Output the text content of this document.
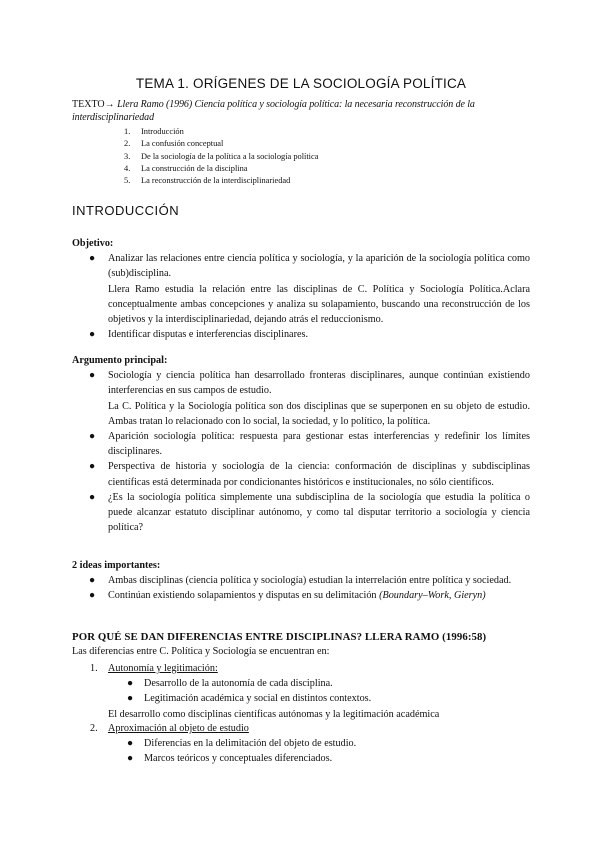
TEMA 1. ORÍGENES DE LA SOCIOLOGÍA POLÍTICA
TEXTO→ Llera Ramo (1996) Ciencia política y sociología política: la necesaria reconstrucción de la interdisciplinariedad
1.	Introducción
2.	La confusión conceptual
3.	De la sociología de la política a la sociología política
4.	La construcción de la disciplina
5.	La reconstrucción de la interdisciplinariedad
INTRODUCCIÓN
Objetivo:
● Analizar las relaciones entre ciencia política y sociología, y la aparición de la sociología política como (sub)disciplina.
Llera Ramo estudia la relación entre las disciplinas de C. Política y Sociología Política.Aclara conceptualmente ambas concepciones y analiza su solapamiento, buscando una reconstrucción de los objetivos y la interdisciplinariedad, dejando atrás el reduccionismo.
● Identificar disputas e interferencias disciplinares.
Argumento principal:
● Sociología y ciencia política han desarrollado fronteras disciplinares, aunque continúan existiendo interferencias en sus campos de estudio.
La C. Política y la Sociología política son dos disciplinas que se superponen en su objeto de estudio. Ambas tratan lo relacionado con lo social, la sociedad, y lo político, la política.
● Aparición sociología política: respuesta para gestionar estas interferencias y redefinir los límites disciplinares.
● Perspectiva de historia y sociología de la ciencia: conformación de disciplinas y subdisciplinas científicas está determinada por condicionantes históricos e institucionales, no sólo científicos.
● ¿Es la sociología política simplemente una subdisciplina de la sociología que estudia la política o puede alcanzar estatuto disciplinar autónomo, y como tal disputar territorio a sociología y ciencia política?
2 ideas importantes:
● Ambas disciplinas (ciencia política y sociología) estudian la interrelación entre política y sociedad.
● Continúan existiendo solapamientos y disputas en su delimitación (Boundary–Work, Gieryn)
POR QUÉ SE DAN DIFERENCIAS ENTRE DISCIPLINAS? LLERA RAMO (1996:58)
Las diferencias entre C. Política y Sociología se encuentran en:
1.	Autonomía y legitimación:
● Desarrollo de la autonomía de cada disciplina.
● Legitimación académica y social en distintos contextos.
El desarrollo como disciplinas científicas autónomas y la legitimación académica
2.	Aproximación al objeto de estudio
● Diferencias en la delimitación del objeto de estudio.
● Marcos teóricos y conceptuales diferenciados.
